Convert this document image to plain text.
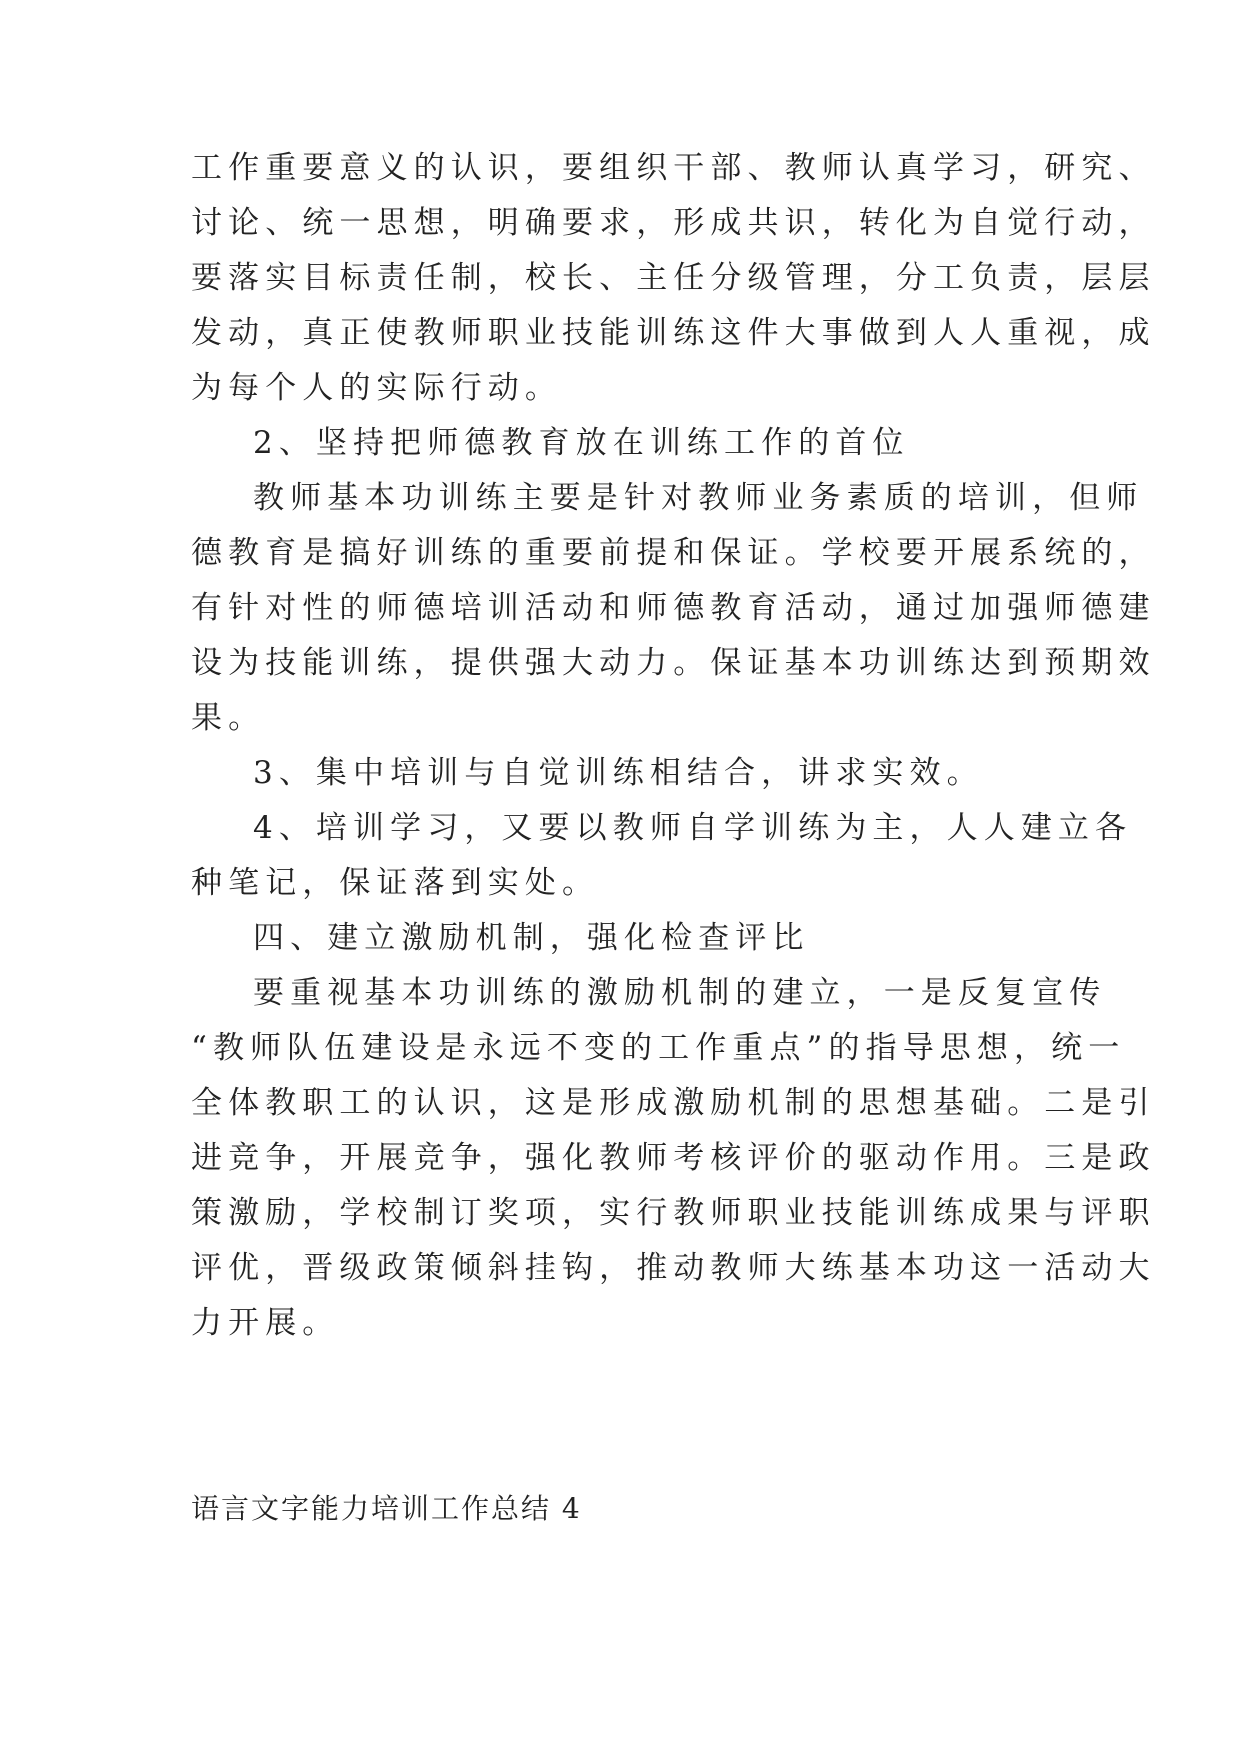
工作重要意义的认识，要组织干部、教师认真学习，研究、
讨论、统一思想，明确要求，形成共识，转化为自觉行动，
要落实目标责任制，校长、主任分级管理，分工负责，层层
发动，真正使教师职业技能训练这件大事做到人人重视，成
为每个人的实际行动。
2、坚持把师德教育放在训练工作的首位
教师基本功训练主要是针对教师业务素质的培训，但师
德教育是搞好训练的重要前提和保证。学校要开展系统的，
有针对性的师德培训活动和师德教育活动，通过加强师德建
设为技能训练，提供强大动力。保证基本功训练达到预期效
果。
3、集中培训与自觉训练相结合，讲求实效。
4、培训学习，又要以教师自学训练为主，人人建立各
种笔记，保证落到实处。
四、建立激励机制，强化检查评比
要重视基本功训练的激励机制的建立，一是反复宣传
“教师队伍建设是永远不变的工作重点”的指导思想，统一
全体教职工的认识，这是形成激励机制的思想基础。二是引
进竞争，开展竞争，强化教师考核评价的驱动作用。三是政
策激励，学校制订奖项，实行教师职业技能训练成果与评职
评优，晋级政策倾斜挂钩，推动教师大练基本功这一活动大
力开展。
语言文字能力培训工作总结 4
